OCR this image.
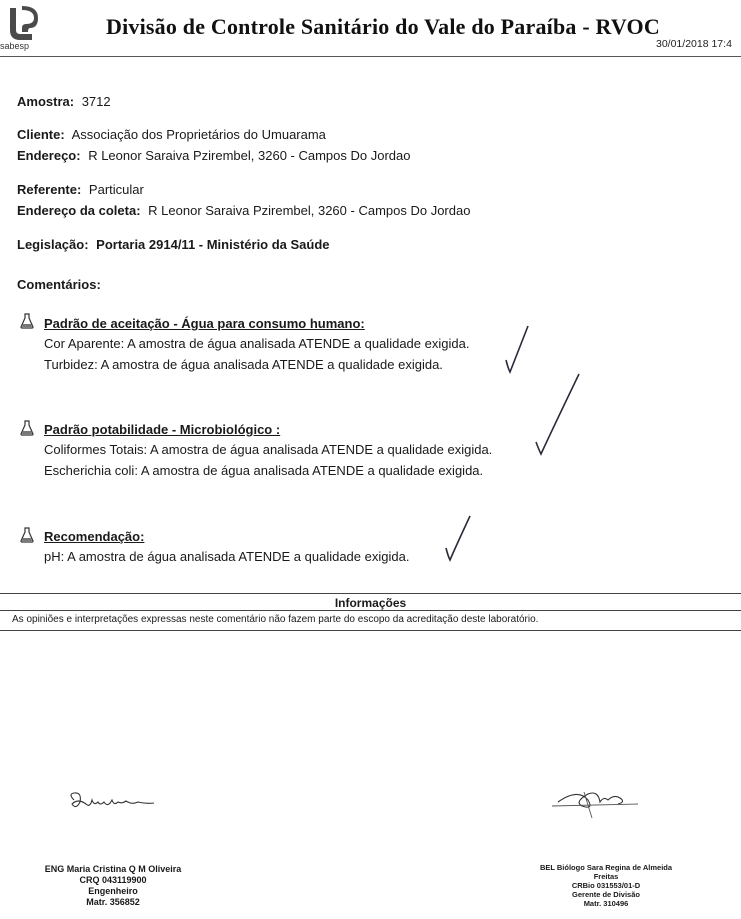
sabesp
Divisão de Controle Sanitário do Vale do Paraíba - RVOC
30/01/2018 17:4
Amostra: 3712
Cliente: Associação dos Proprietários do Umuarama
Endereço: R Leonor Saraiva Pzirembel, 3260 - Campos Do Jordao
Referente: Particular
Endereço da coleta: R Leonor Saraiva Pzirembel, 3260 - Campos Do Jordao
Legislação: Portaria 2914/11 - Ministério da Saúde
Comentários:
Padrão de aceitação - Água para consumo humano:
Cor Aparente: A amostra de água analisada ATENDE a qualidade exigida.
Turbidez: A amostra de água analisada ATENDE a qualidade exigida.
Padrão potabilidade - Microbiológico :
Coliformes Totais: A amostra de água analisada ATENDE a qualidade exigida.
Escherichia coli: A amostra de água analisada ATENDE a qualidade exigida.
Recomendação:
pH: A amostra de água analisada ATENDE a qualidade exigida.
Informações
As opiniões e interpretações expressas neste comentário não fazem parte do escopo da acreditação deste laboratório.
ENG Maria Cristina Q M Oliveira
CRQ 043119900
Engenheiro
Matr. 356852
BEL Biólogo Sara Regina de Almeida
Freitas
CRBio 031553/01-D
Gerente de Divisão
Matr. 310496
